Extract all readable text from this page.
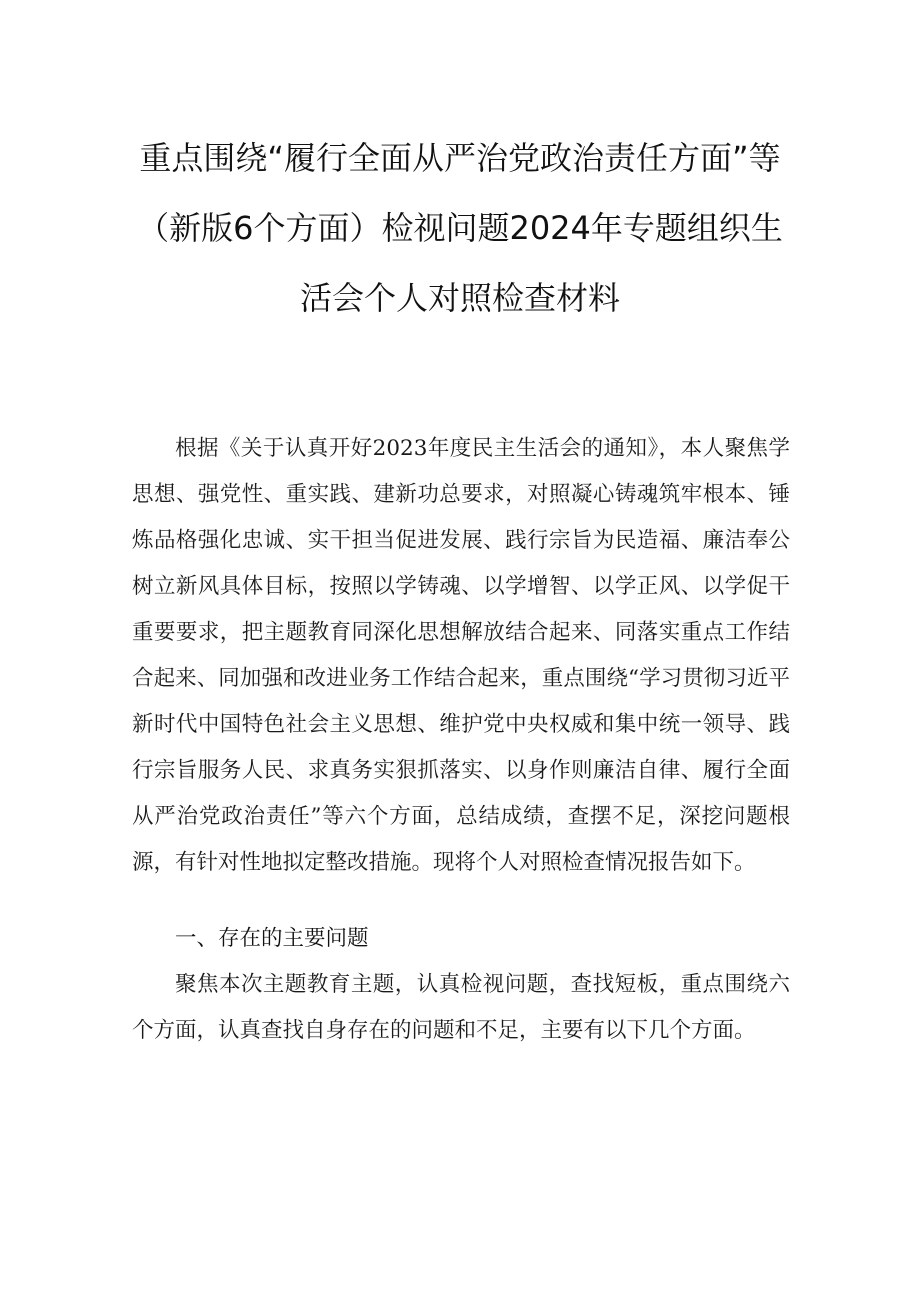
重点围绕“履行全面从严治党政治责任方面”等
（新版6个方面）检视问题2024年专题组织生
活会个人对照检查材料

根据《关于认真开好2023年度民主生活会的通知》，本人聚焦学思想、强党性、重实践、建新功总要求，对照凝心铸魂筑牢根本、锤炼品格强化忠诚、实干担当促进发展、践行宗旨为民造福、廉洁奉公树立新风具体目标，按照以学铸魂、以学增智、以学正风、以学促干重要要求，把主题教育同深化思想解放结合起来、同落实重点工作结合起来、同加强和改进业务工作结合起来，重点围绕“学习贯彻习近平新时代中国特色社会主义思想、维护党中央权威和集中统一领导、践行宗旨服务人民、求真务实狠抓落实、以身作则廉洁自律、履行全面从严治党政治责任”等六个方面，总结成绩，查摆不足，深挖问题根源，有针对性地拟定整改措施。现将个人对照检查情况报告如下。

一、存在的主要问题

聚焦本次主题教育主题，认真检视问题，查找短板，重点围绕六个方面，认真查找自身存在的问题和不足，主要有以下几个方面。
